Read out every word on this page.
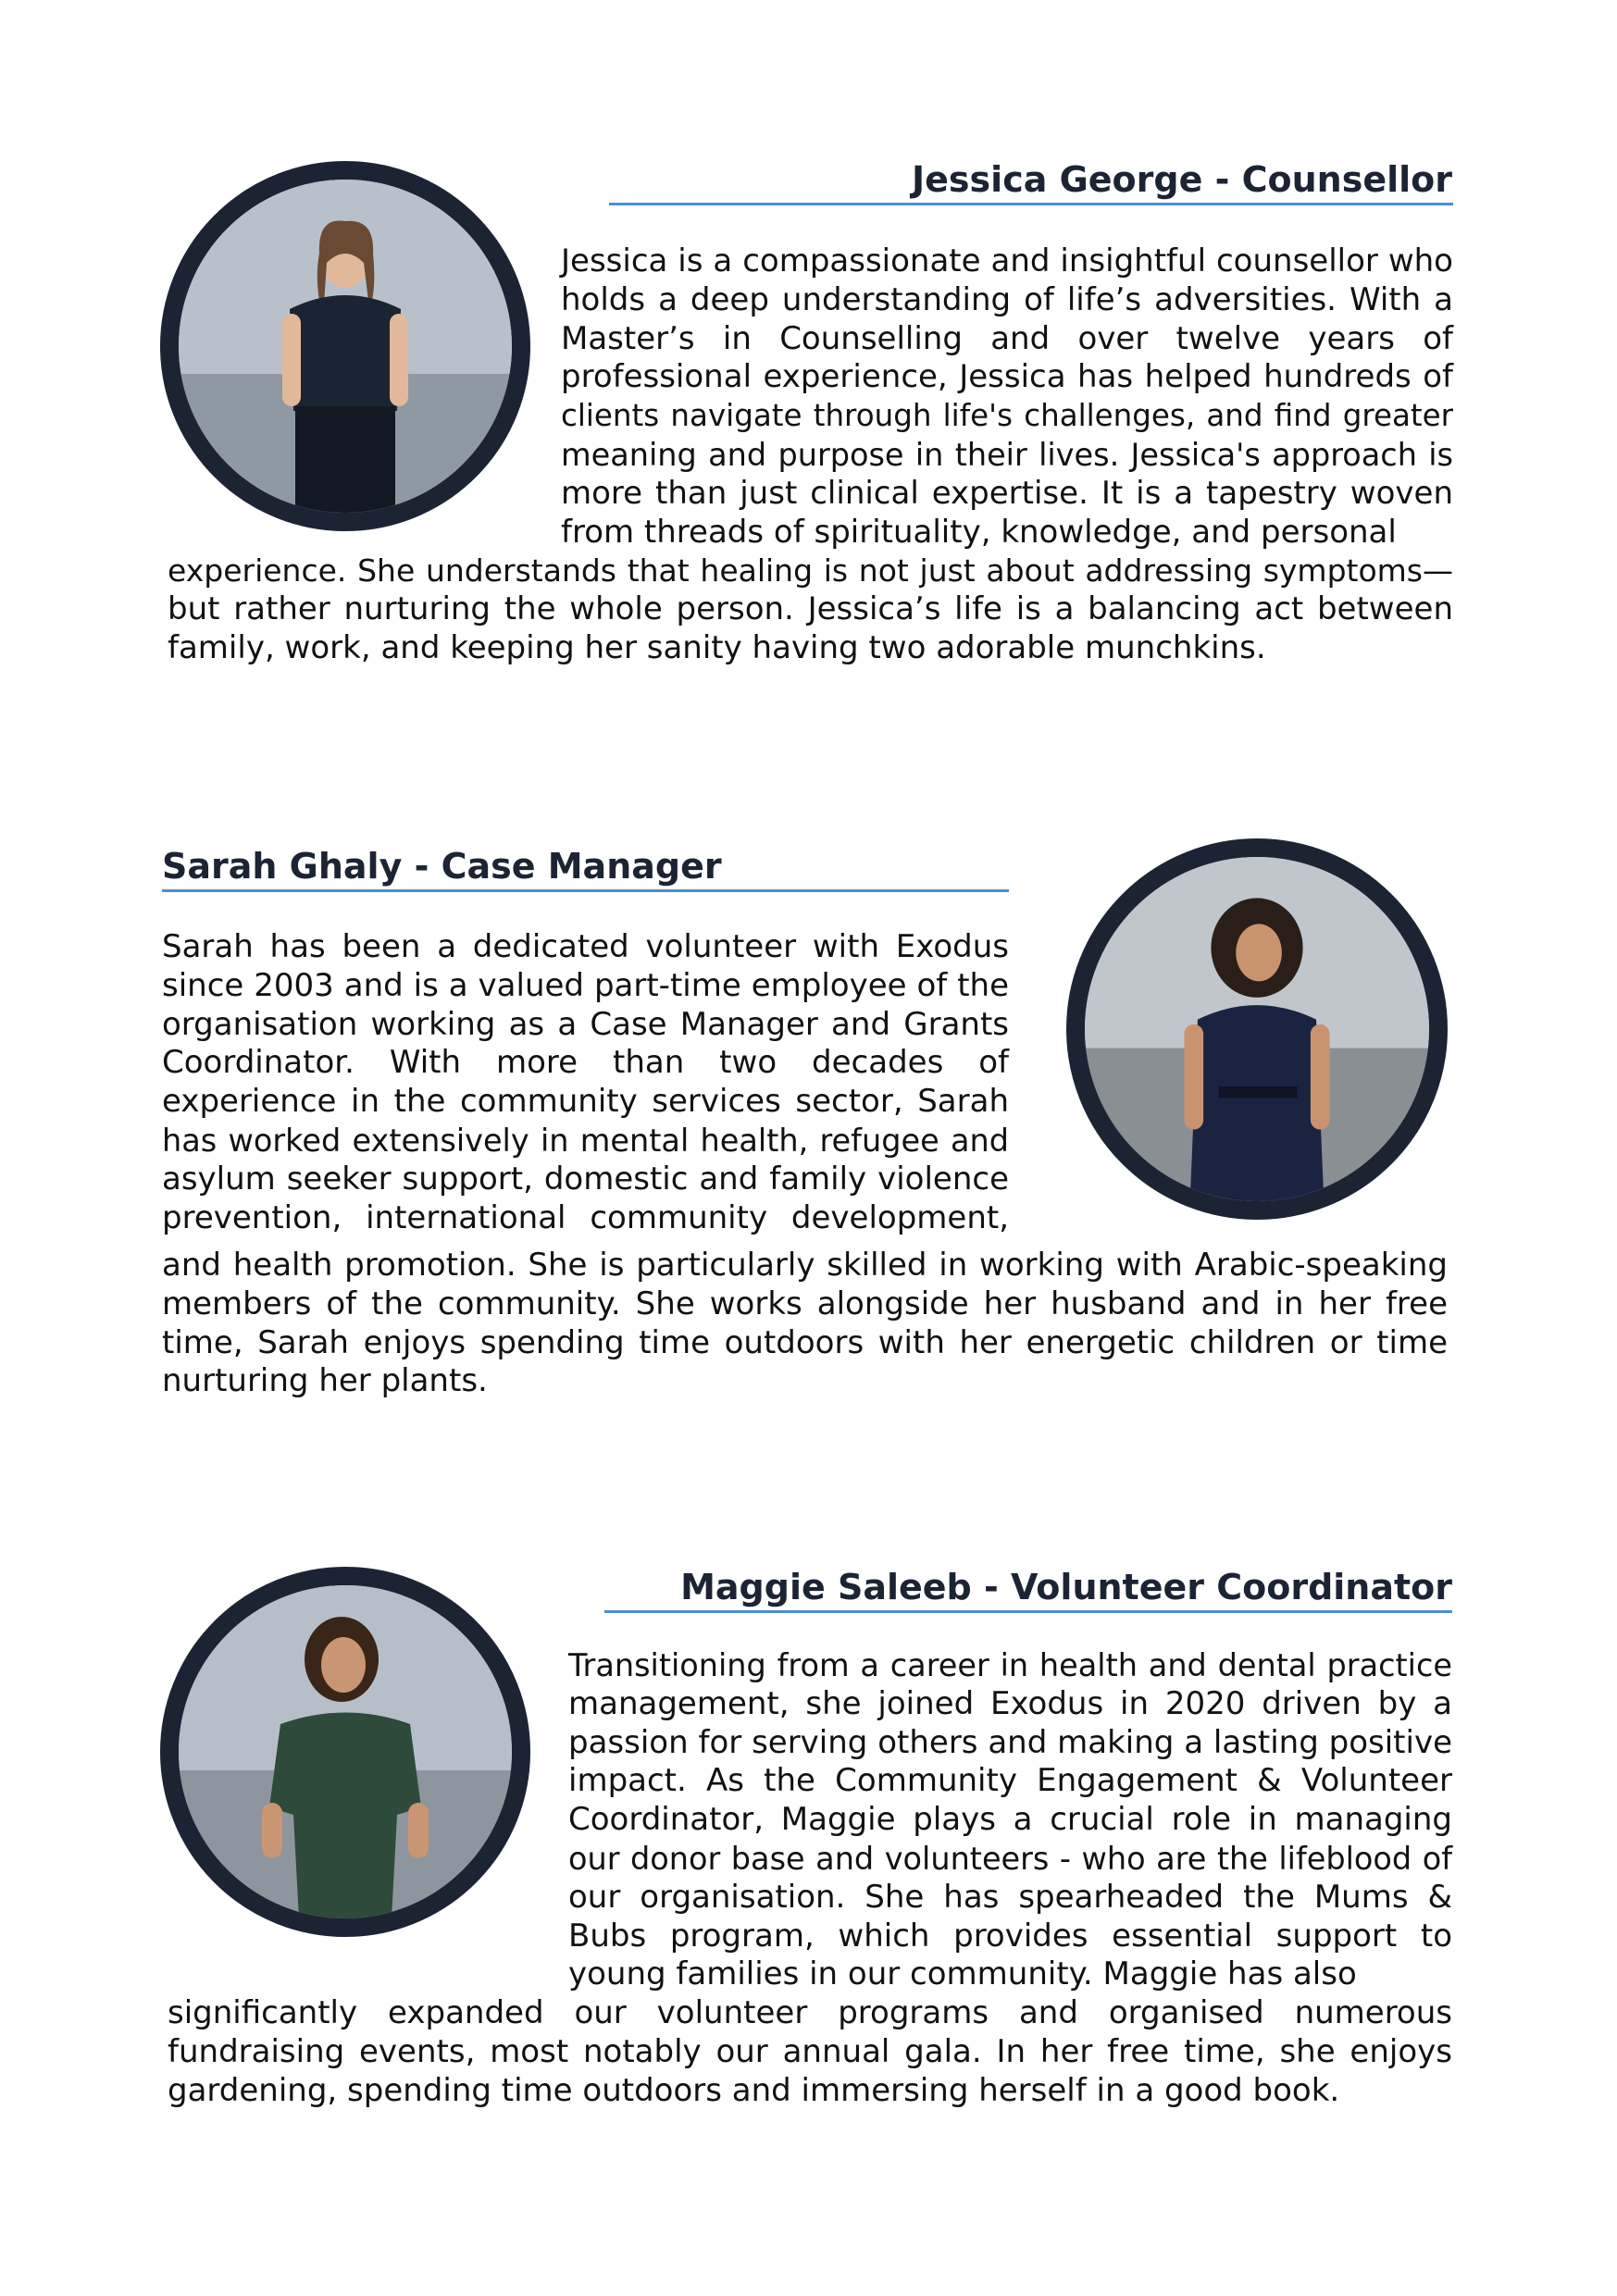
Jessica George - Counsellor
Jessica is a compassionate and insightful counsellor who
holds a deep understanding of life’s adversities. With a
Master’s in Counselling and over twelve years of
professional experience, Jessica has helped hundreds of
clients navigate through life's challenges, and find greater
meaning and purpose in their lives. Jessica's approach is
more than just clinical expertise. It is a tapestry woven
from threads of spirituality, knowledge, and personal
experience. She understands that healing is not just about addressing symptoms—
but rather nurturing the whole person. Jessica’s life is a balancing act between
family, work, and keeping her sanity having two adorable munchkins.
Sarah Ghaly - Case Manager
Sarah has been a dedicated volunteer with Exodus
since 2003 and is a valued part-time employee of the
organisation working as a Case Manager and Grants
Coordinator. With more than two decades of
experience in the community services sector, Sarah
has worked extensively in mental health, refugee and
asylum seeker support, domestic and family violence
prevention, international community development,
and health promotion. She is particularly skilled in working with Arabic-speaking
members of the community. She works alongside her husband and in her free
time, Sarah enjoys spending time outdoors with her energetic children or time
nurturing her plants.
Maggie Saleeb - Volunteer Coordinator
Transitioning from a career in health and dental practice
management, she joined Exodus in 2020 driven by a
passion for serving others and making a lasting positive
impact. As the Community Engagement & Volunteer
Coordinator, Maggie plays a crucial role in managing
our donor base and volunteers - who are the lifeblood of
our organisation. She has spearheaded the Mums &
Bubs program, which provides essential support to
young families in our community. Maggie has also
significantly expanded our volunteer programs and organised numerous
fundraising events, most notably our annual gala. In her free time, she enjoys
gardening, spending time outdoors and immersing herself in a good book.
